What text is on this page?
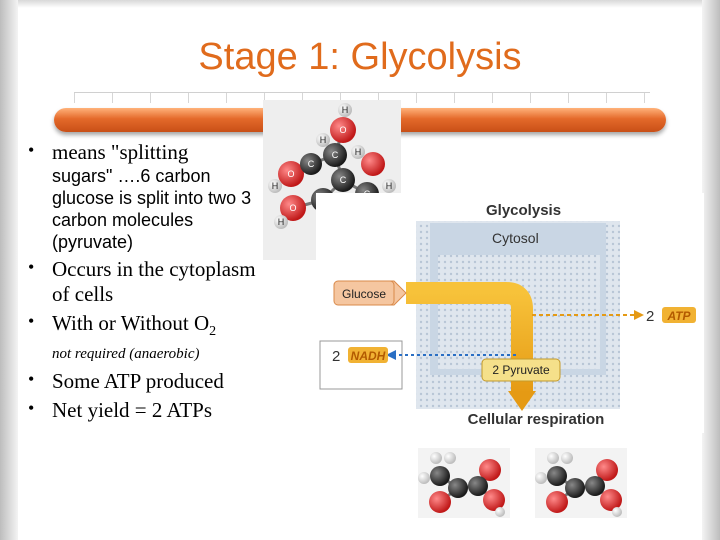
Stage 1: Glycolysis
• means "splitting
sugars" ….6 carbon glucose is split into two 3 carbon molecules (pyruvate)
• Occurs in the cytoplasm of cells
• With or Without $O_2$
not required (anaerobic)
• Some ATP produced
• Net yield = 2 ATPs
H
H
H
H
H
H
C
C
C
O
O
O	Glycolysis
Cytosol
Glucose
2 ATP
2 NADH
2 Pyruvate
Cellular respiration
